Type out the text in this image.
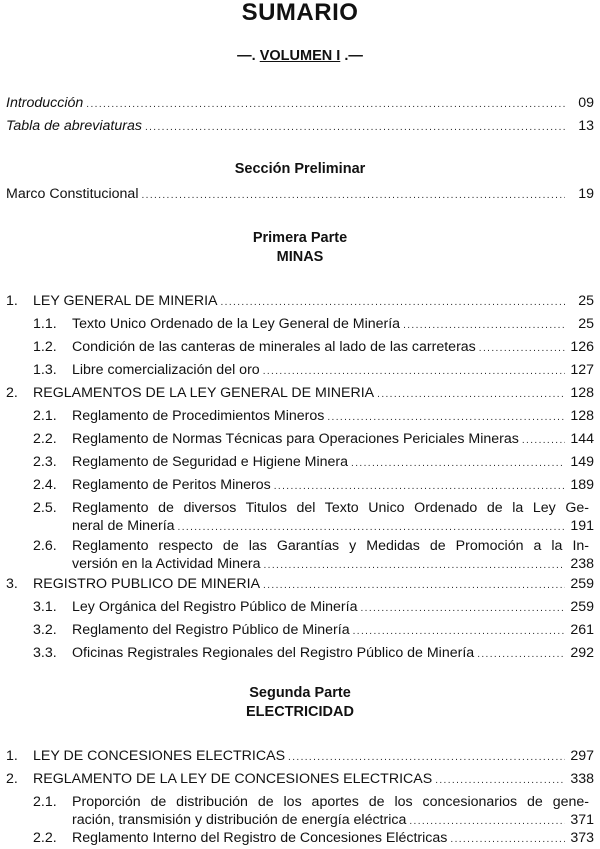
SUMARIO
—. VOLUMEN I .—
Introducción .....	09
Tabla de abreviaturas .....	13
Sección Preliminar
Marco Constitucional .....	19
Primera Parte
MINAS
1.	LEY GENERAL DE MINERIA .....	25
1.1.	Texto Unico Ordenado de la Ley General de Minería .....	25
1.2.	Condición de las canteras de minerales al lado de las carreteras .....	126
1.3.	Libre comercialización del oro .....	127
2.	REGLAMENTOS DE LA LEY GENERAL DE MINERIA .....	128
2.1.	Reglamento de Procedimientos Mineros .....	128
2.2.	Reglamento de Normas Técnicas para Operaciones Periciales Mineras .....	144
2.3.	Reglamento de Seguridad e Higiene Minera .....	149
2.4.	Reglamento de Peritos Mineros .....	189
2.5. Reglamento de diversos Titulos del Texto Unico Ordenado de la Ley Ge-
neral de Minería .....	191
2.6. Reglamento respecto de las Garantías y Medidas de Promoción a la In-
versión en la Actividad Minera .....	238
3.	REGISTRO PUBLICO DE MINERIA .....	259
3.1.	Ley Orgánica del Registro Público de Minería .....	259
3.2.	Reglamento del Registro Público de Minería .....	261
3.3.	Oficinas Registrales Regionales del Registro Público de Minería .....	292
Segunda Parte
ELECTRICIDAD
1.	LEY DE CONCESIONES ELECTRICAS .....	297
2.	REGLAMENTO DE LA LEY DE CONCESIONES ELECTRICAS .....	338
2.1. Proporción de distribución de los aportes de los concesionarios de gene-
ración, transmisión y distribución de energía eléctrica .....	371
2.2.	Reglamento Interno del Registro de Concesiones Eléctricas .....	373
